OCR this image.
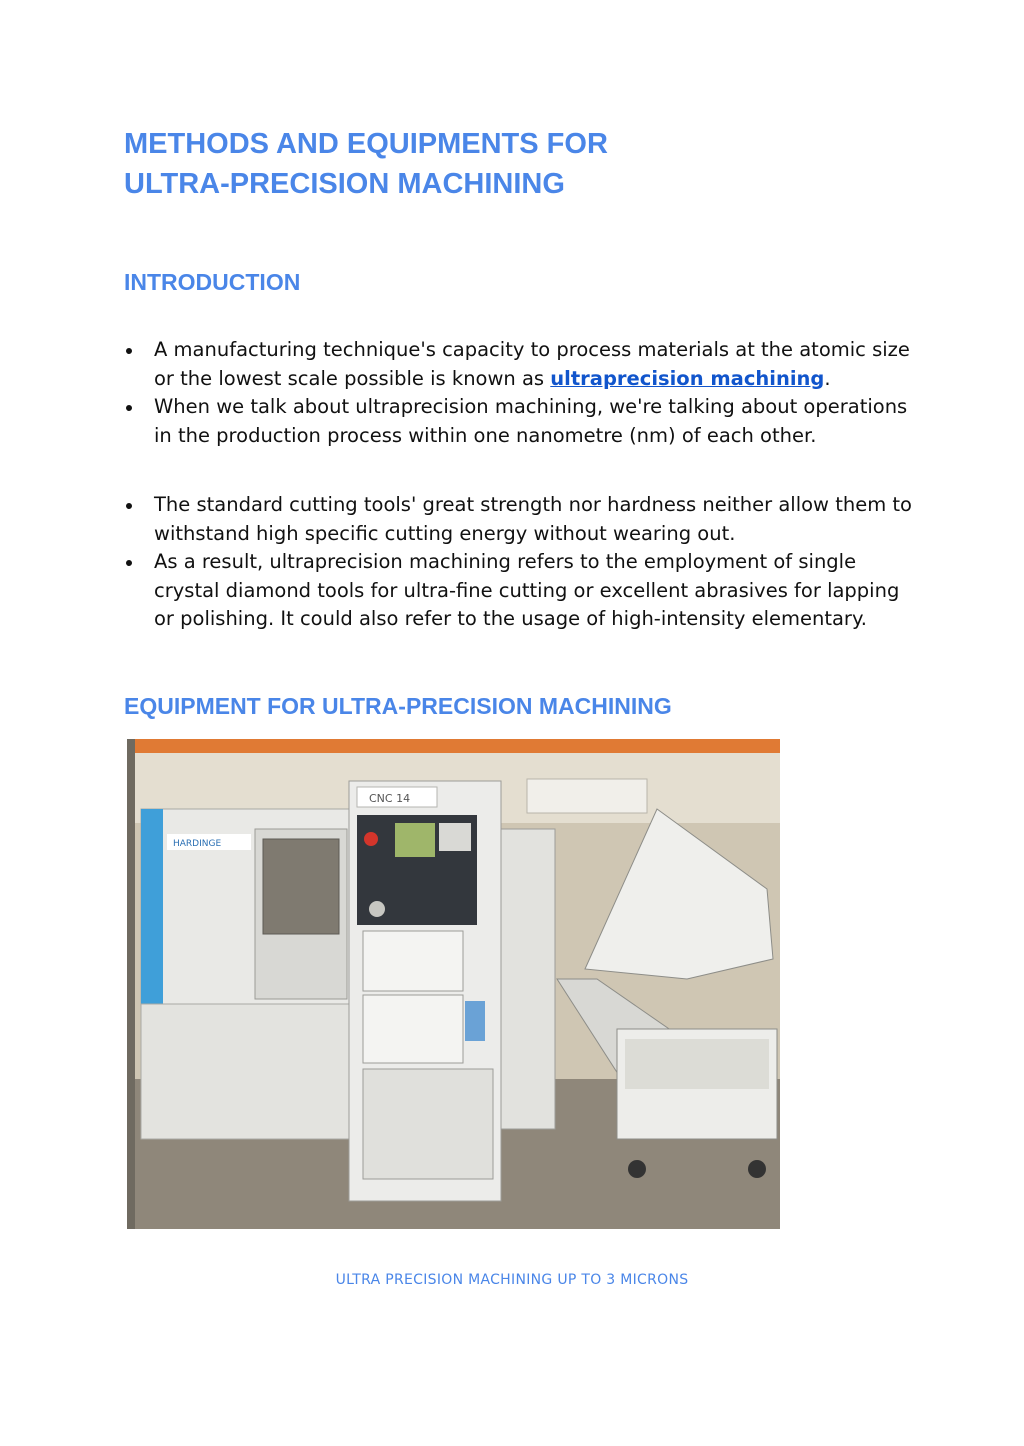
METHODS AND EQUIPMENTS FOR
ULTRA-PRECISION MACHINING
INTRODUCTION
A manufacturing technique's capacity to process materials at the atomic size or the lowest scale possible is known as ultraprecision machining.
When we talk about ultraprecision machining, we're talking about operations in the production process within one nanometre (nm) of each other.
The standard cutting tools' great strength nor hardness neither allow them to withstand high specific cutting energy without wearing out.
As a result, ultraprecision machining refers to the employment of single crystal diamond tools for ultra-fine cutting or excellent abrasives for lapping or polishing. It could also refer to the usage of high-intensity elementary.
EQUIPMENT FOR ULTRA-PRECISION MACHINING
HARDINGE
CNC 14
ULTRA PRECISION MACHINING UP TO 3 MICRONS
